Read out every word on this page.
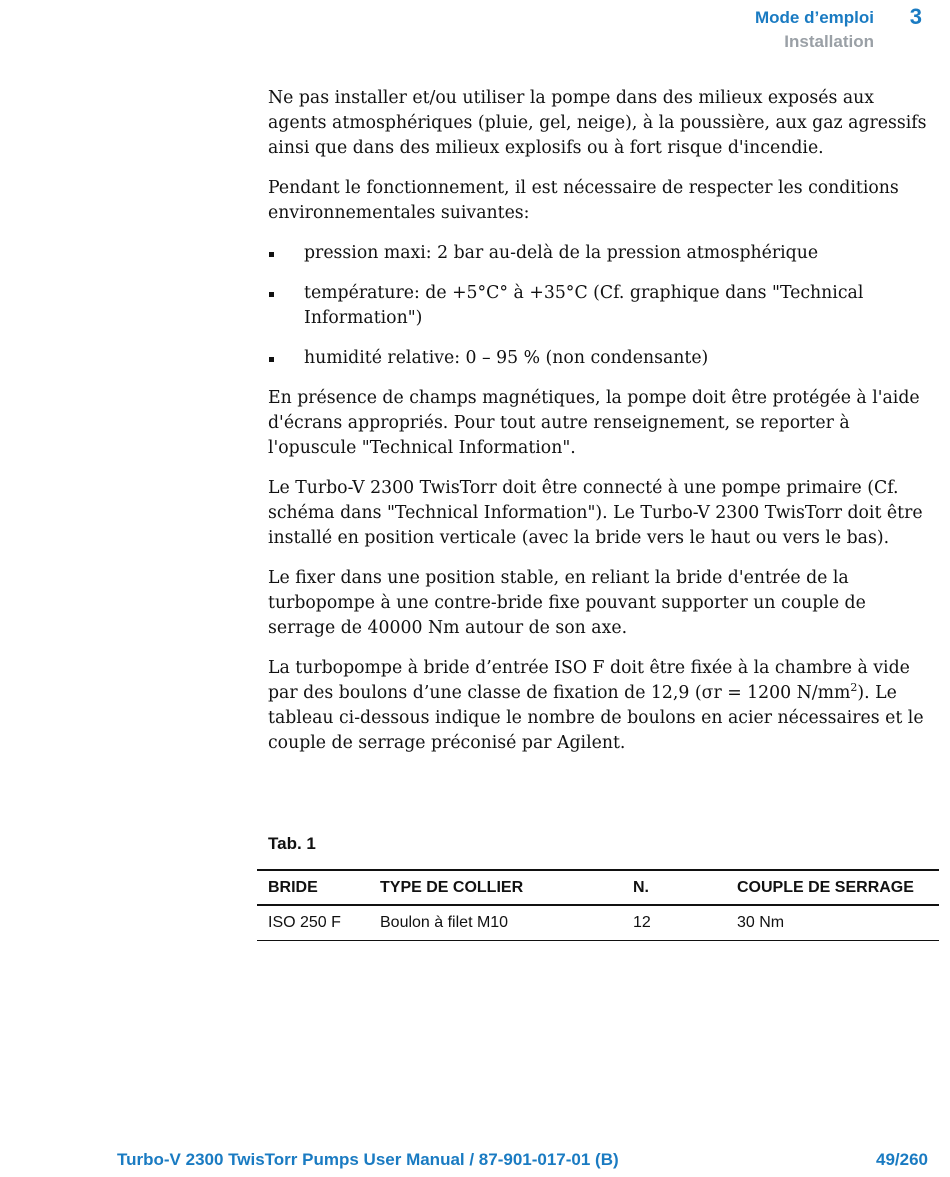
Mode d’emploi 3
Installation

Ne pas installer et/ou utiliser la pompe dans des milieux exposés aux agents atmosphériques (pluie, gel, neige), à la poussière, aux gaz agressifs ainsi que dans des milieux explosifs ou à fort risque d'incendie.

Pendant le fonctionnement, il est nécessaire de respecter les conditions environnementales suivantes:

pression maxi: 2 bar au-delà de la pression atmosphérique
température: de +5°C° à +35°C (Cf. graphique dans "Technical Information")
humidité relative: 0 – 95 % (non condensante)

En présence de champs magnétiques, la pompe doit être protégée à l'aide d'écrans appropriés. Pour tout autre renseignement, se reporter à l'opuscule "Technical Information".

Le Turbo-V 2300 TwisTorr doit être connecté à une pompe primaire (Cf. schéma dans "Technical Information"). Le Turbo-V 2300 TwisTorr doit être installé en position verticale (avec la bride vers le haut ou vers le bas).

Le fixer dans une position stable, en reliant la bride d'entrée de la turbopompe à une contre-bride fixe pouvant supporter un couple de serrage de 40000 Nm autour de son axe.

La turbopompe à bride d’entrée ISO F doit être fixée à la chambre à vide par des boulons d’une classe de fixation de 12,9 (σr = 1200 $N/mm^2$). Le tableau ci-dessous indique le nombre de boulons en acier nécessaires et le couple de serrage préconisé par Agilent.

Tab. 1
BRIDE	TYPE DE COLLIER	N.	COUPLE DE SERRAGE
ISO 250 F	Boulon à filet M10	12	30 Nm
Turbo-V 2300 TwisTorr Pumps User Manual / 87-901-017-01 (B)	49/260
